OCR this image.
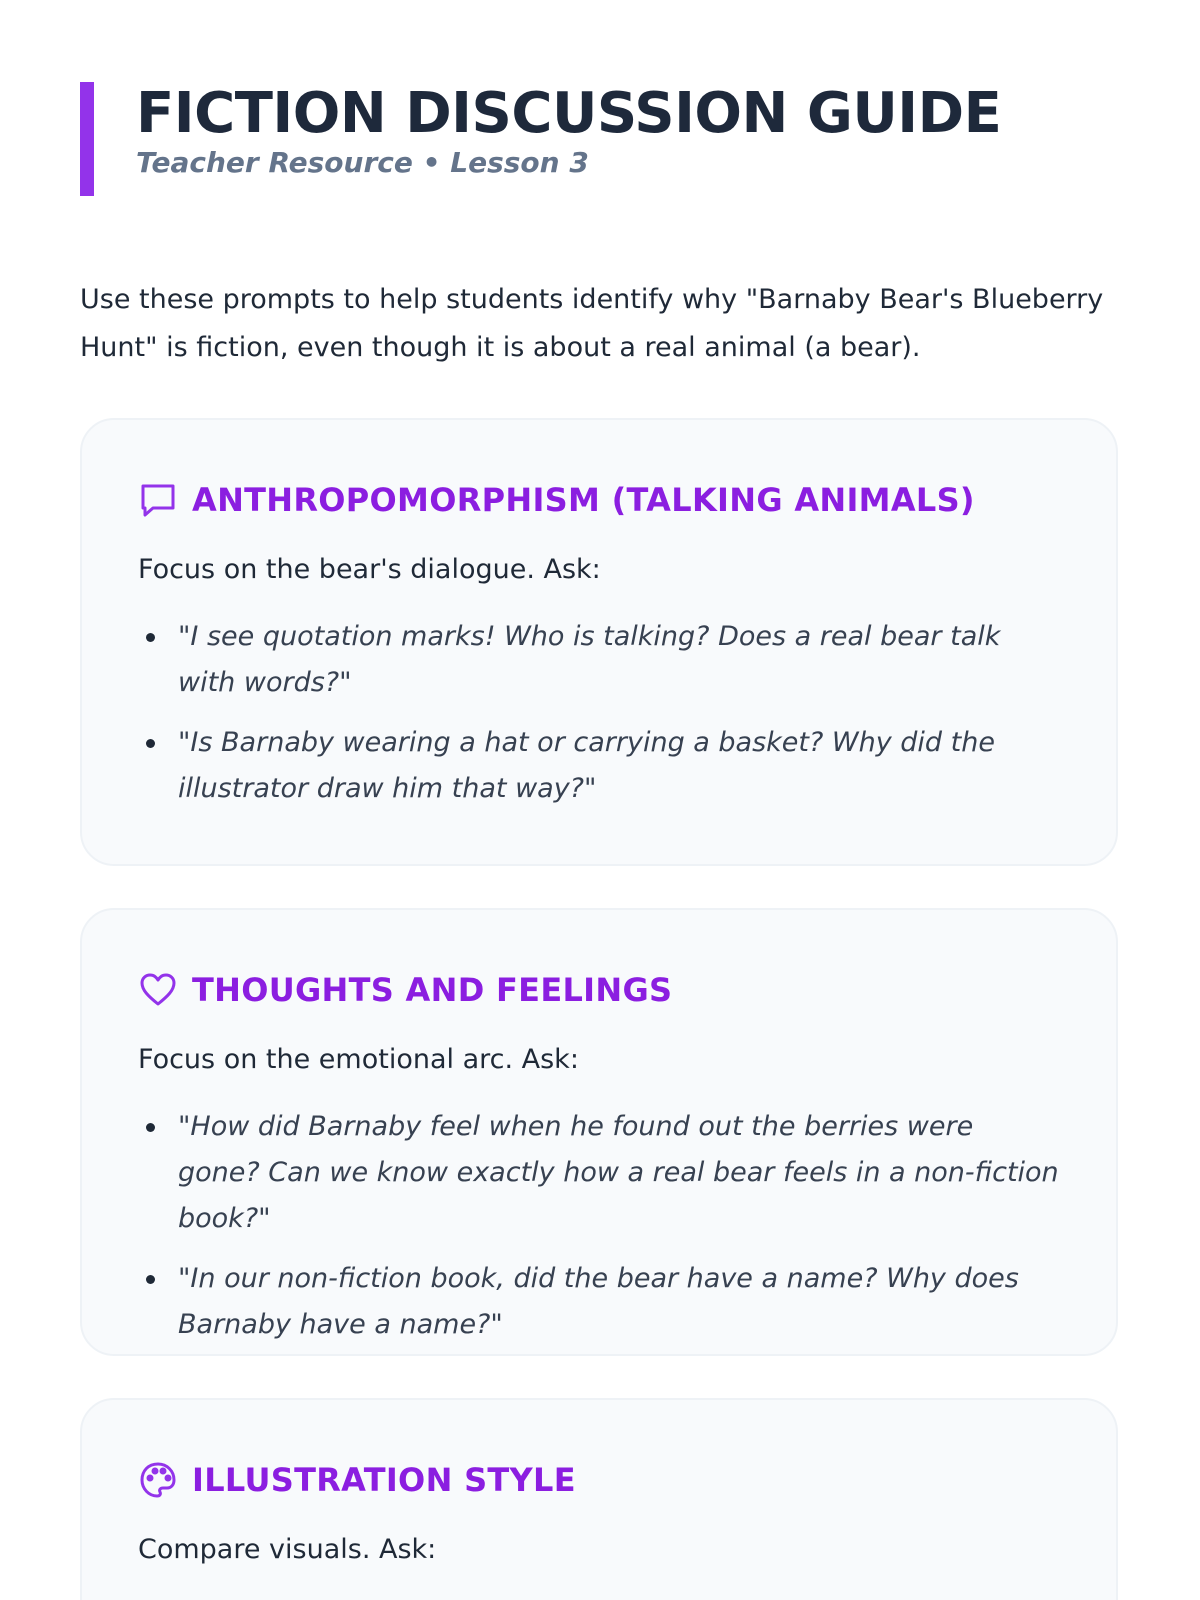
FICTION DISCUSSION GUIDE

Teacher Resource • Lesson 3

Use these prompts to help students identify why "Barnaby Bear's Blueberry Hunt" is fiction, even though it is about a real animal (a bear).

ANTHROPOMORPHISM (TALKING ANIMALS)
Focus on the bear's dialogue. Ask:
"I see quotation marks! Who is talking? Does a real bear talk with words?"
"Is Barnaby wearing a hat or carrying a basket? Why did the illustrator draw him that way?"
THOUGHTS AND FEELINGS
Focus on the emotional arc. Ask:
"How did Barnaby feel when he found out the berries were gone? Can we know exactly how a real bear feels in a non-fiction book?"
"In our non-fiction book, did the bear have a name? Why does Barnaby have a name?"
ILLUSTRATION STYLE
Compare visuals. Ask:
